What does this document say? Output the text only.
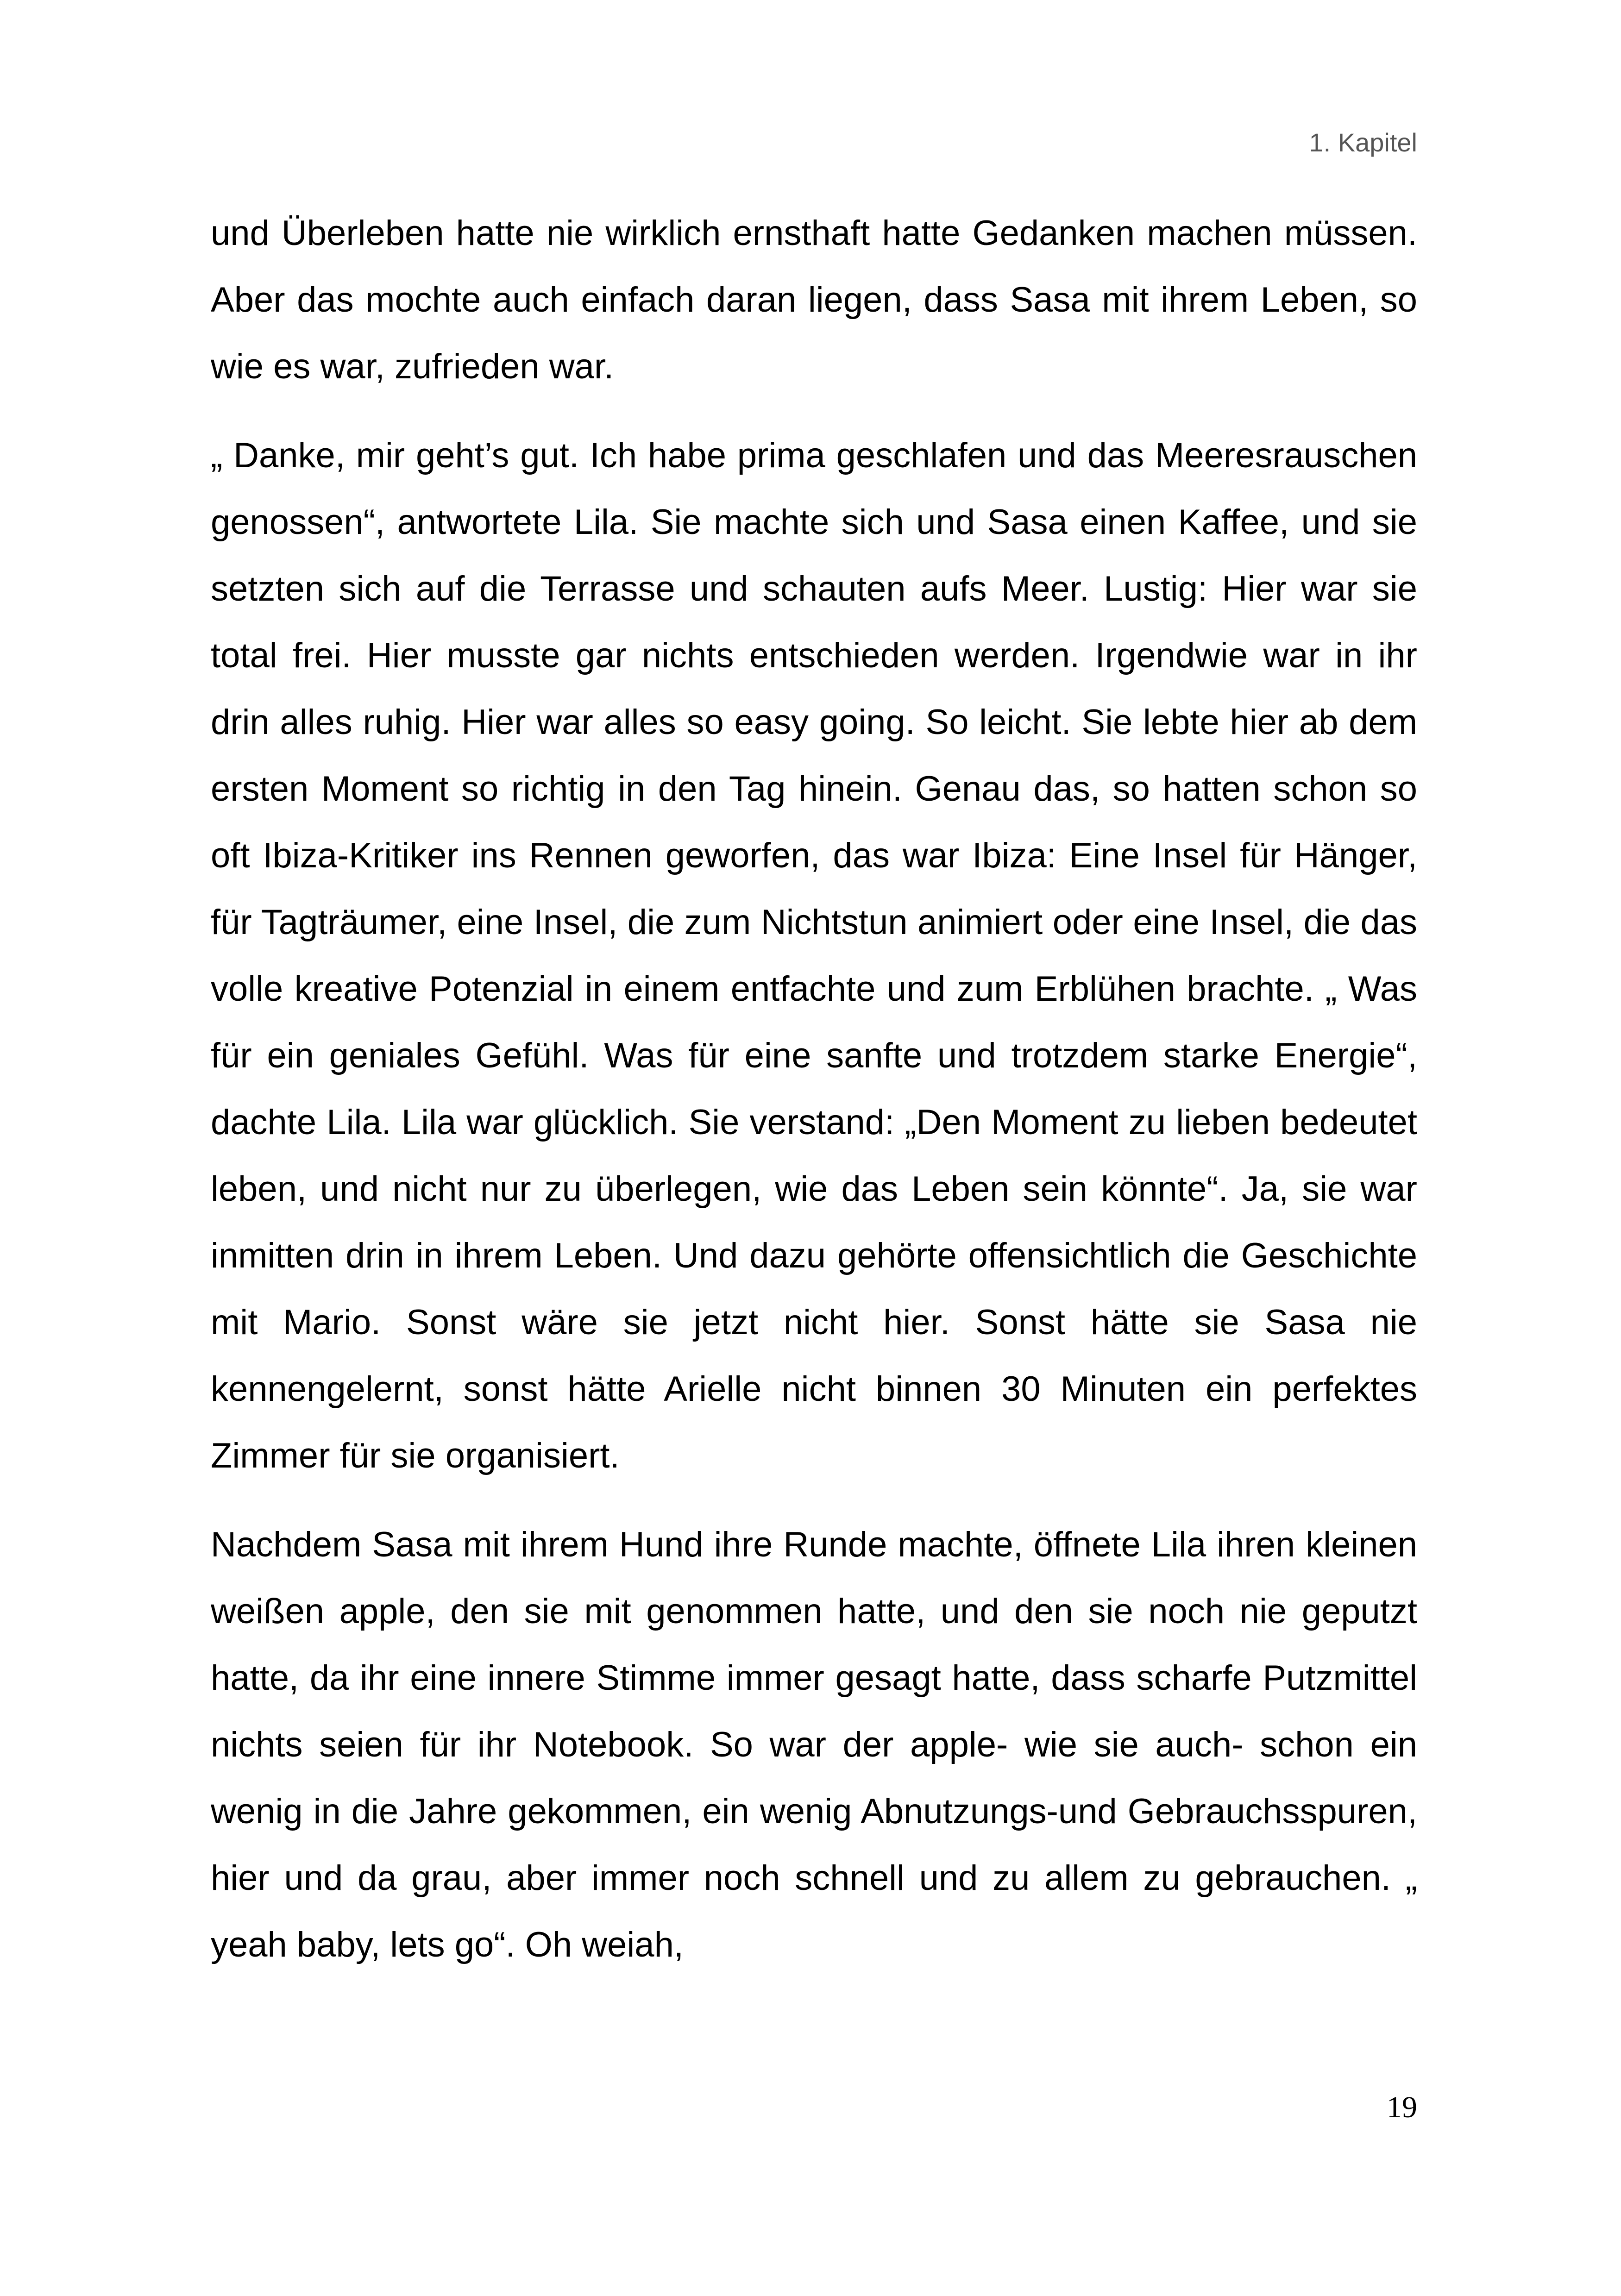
1. Kapitel

und Überleben hatte nie wirklich ernsthaft hatte Gedanken machen müssen. Aber das mochte auch einfach daran liegen, dass Sasa mit ihrem Leben, so wie es war, zufrieden war.

„ Danke, mir geht’s gut. Ich habe prima geschlafen und das Meeresrauschen genossen“, antwortete Lila. Sie machte sich und Sasa einen Kaffee, und sie setzten sich auf die Terrasse und schauten aufs Meer. Lustig: Hier war sie total frei. Hier musste gar nichts entschieden werden. Irgendwie war in ihr drin alles ruhig. Hier war alles so easy going. So leicht. Sie lebte hier ab dem ersten Moment so richtig in den Tag hinein. Genau das, so hatten schon so oft Ibiza-Kritiker ins Rennen geworfen, das war Ibiza: Eine Insel für Hänger, für Tagträumer, eine Insel, die zum Nichtstun animiert oder eine Insel, die das volle kreative Potenzial in einem entfachte und zum Erblühen brachte. „ Was für ein geniales Gefühl. Was für eine sanfte und trotzdem starke Energie“, dachte Lila. Lila war glücklich. Sie verstand: „Den Moment zu lieben bedeutet leben, und nicht nur zu überlegen, wie das Leben sein könnte“. Ja, sie war inmitten drin in ihrem Leben. Und dazu gehörte offensichtlich die Geschichte mit Mario. Sonst wäre sie jetzt nicht hier. Sonst hätte sie Sasa nie kennengelernt, sonst hätte Arielle nicht binnen 30 Minuten ein perfektes Zimmer für sie organisiert.

Nachdem Sasa mit ihrem Hund ihre Runde machte, öffnete Lila ihren kleinen weißen apple, den sie mit genommen hatte, und den sie noch nie geputzt hatte, da ihr eine innere Stimme immer gesagt hatte, dass scharfe Putzmittel nichts seien für ihr Notebook. So war der apple- wie sie auch- schon ein wenig in die Jahre gekommen, ein wenig Abnutzungs-und Gebrauchsspuren, hier und da grau, aber immer noch schnell und zu allem zu gebrauchen. „ yeah baby, lets go“. Oh weiah,

19
